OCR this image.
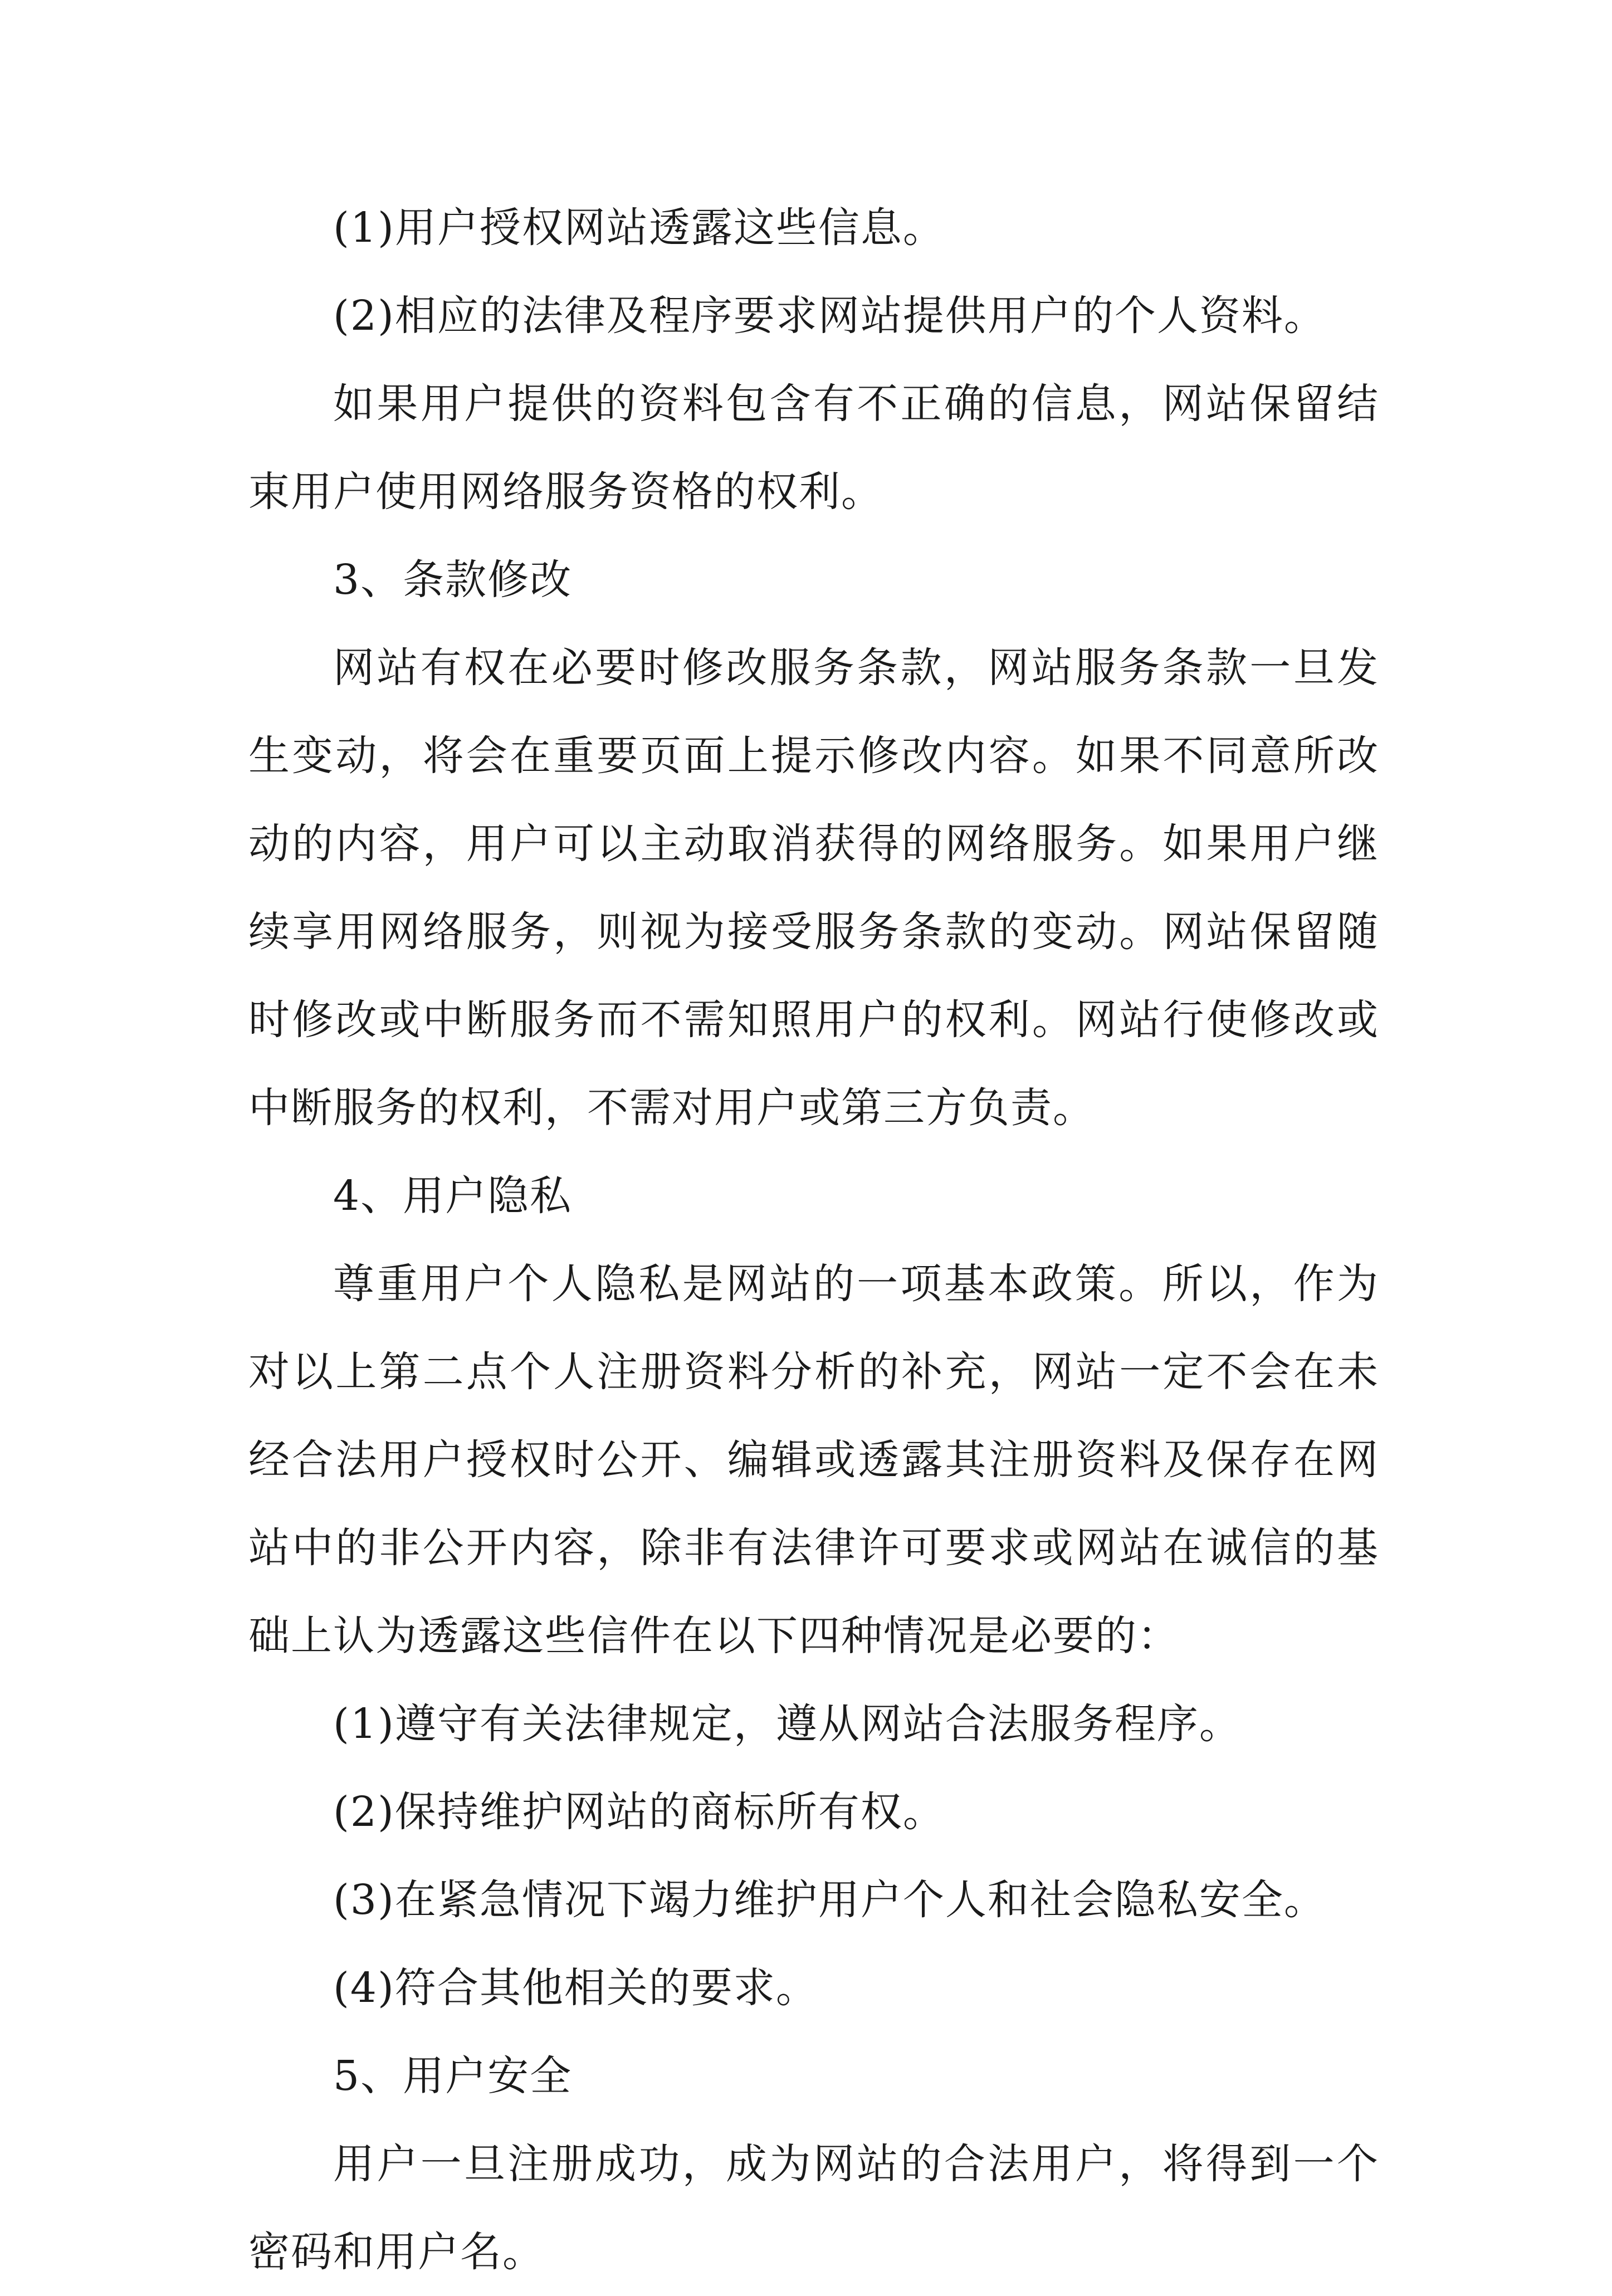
(1)用户授权网站透露这些信息。

(2)相应的法律及程序要求网站提供用户的个人资料。

如果用户提供的资料包含有不正确的信息，网站保留结束用户使用网络服务资格的权利。

3、条款修改

网站有权在必要时修改服务条款，网站服务条款一旦发生变动，将会在重要页面上提示修改内容。如果不同意所改动的内容，用户可以主动取消获得的网络服务。如果用户继续享用网络服务，则视为接受服务条款的变动。网站保留随时修改或中断服务而不需知照用户的权利。网站行使修改或中断服务的权利，不需对用户或第三方负责。

4、用户隐私

尊重用户个人隐私是网站的一项基本政策。所以，作为对以上第二点个人注册资料分析的补充，网站一定不会在未经合法用户授权时公开、编辑或透露其注册资料及保存在网站中的非公开内容，除非有法律许可要求或网站在诚信的基础上认为透露这些信件在以下四种情况是必要的：

(1)遵守有关法律规定，遵从网站合法服务程序。

(2)保持维护网站的商标所有权。

(3)在紧急情况下竭力维护用户个人和社会隐私安全。

(4)符合其他相关的要求。

5、用户安全

用户一旦注册成功，成为网站的合法用户，将得到一个密码和用户名。
